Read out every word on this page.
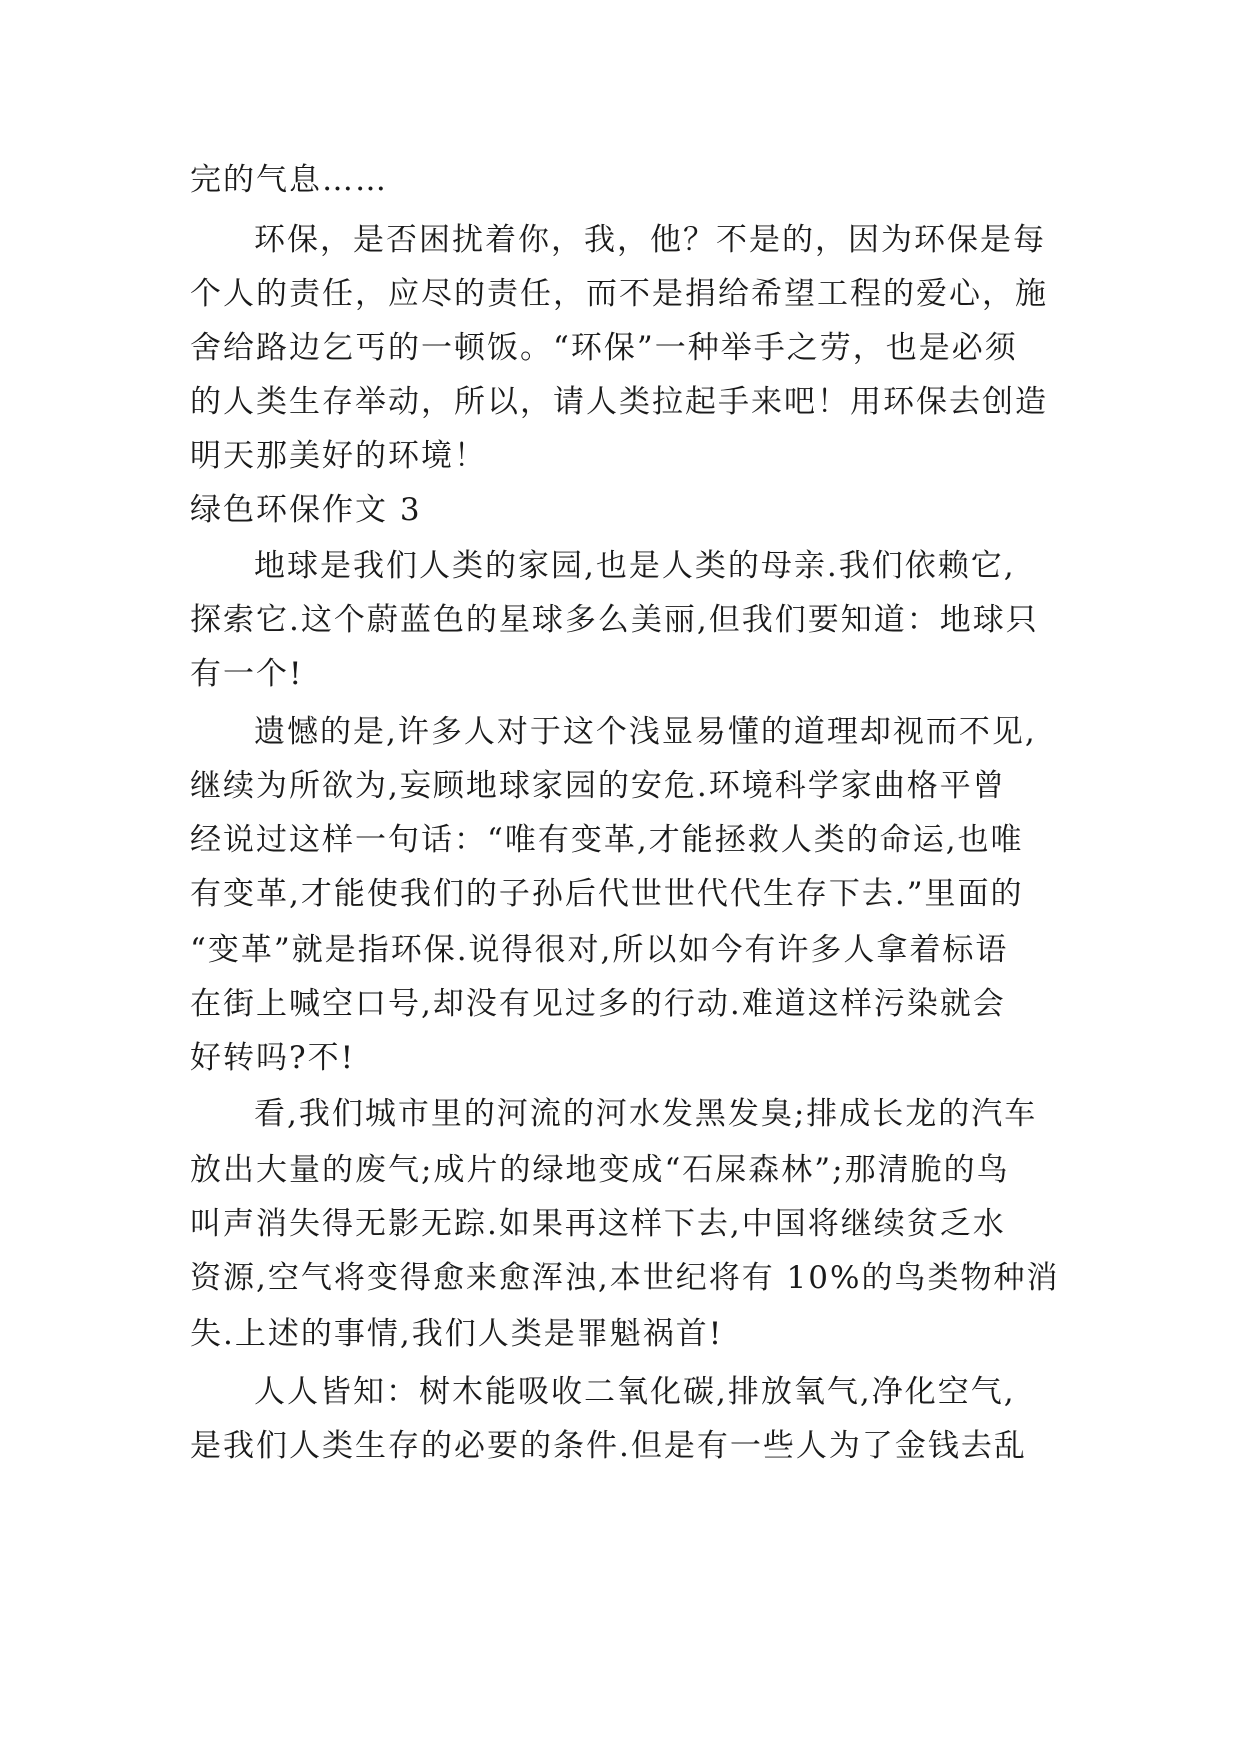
完的气息……
环保，是否困扰着你，我，他？不是的，因为环保是每
个人的责任，应尽的责任，而不是捐给希望工程的爱心，施
舍给路边乞丐的一顿饭。“环保”一种举手之劳，也是必须
的人类生存举动，所以，请人类拉起手来吧！用环保去创造
明天那美好的环境！
绿色环保作文 3
地球是我们人类的家园,也是人类的母亲.我们依赖它,
探索它.这个蔚蓝色的星球多么美丽,但我们要知道：地球只
有一个!
遗憾的是,许多人对于这个浅显易懂的道理却视而不见,
继续为所欲为,妄顾地球家园的安危.环境科学家曲格平曾
经说过这样一句话：“唯有变革,才能拯救人类的命运,也唯
有变革,才能使我们的子孙后代世世代代生存下去.”里面的
“变革”就是指环保.说得很对,所以如今有许多人拿着标语
在街上喊空口号,却没有见过多的行动.难道这样污染就会
好转吗?不!
看,我们城市里的河流的河水发黑发臭;排成长龙的汽车
放出大量的废气;成片的绿地变成“石屎森林”;那清脆的鸟
叫声消失得无影无踪.如果再这样下去,中国将继续贫乏水
资源,空气将变得愈来愈浑浊,本世纪将有 10%的鸟类物种消
失.上述的事情,我们人类是罪魁祸首!
人人皆知：树木能吸收二氧化碳,排放氧气,净化空气,
是我们人类生存的必要的条件.但是有一些人为了金钱去乱
